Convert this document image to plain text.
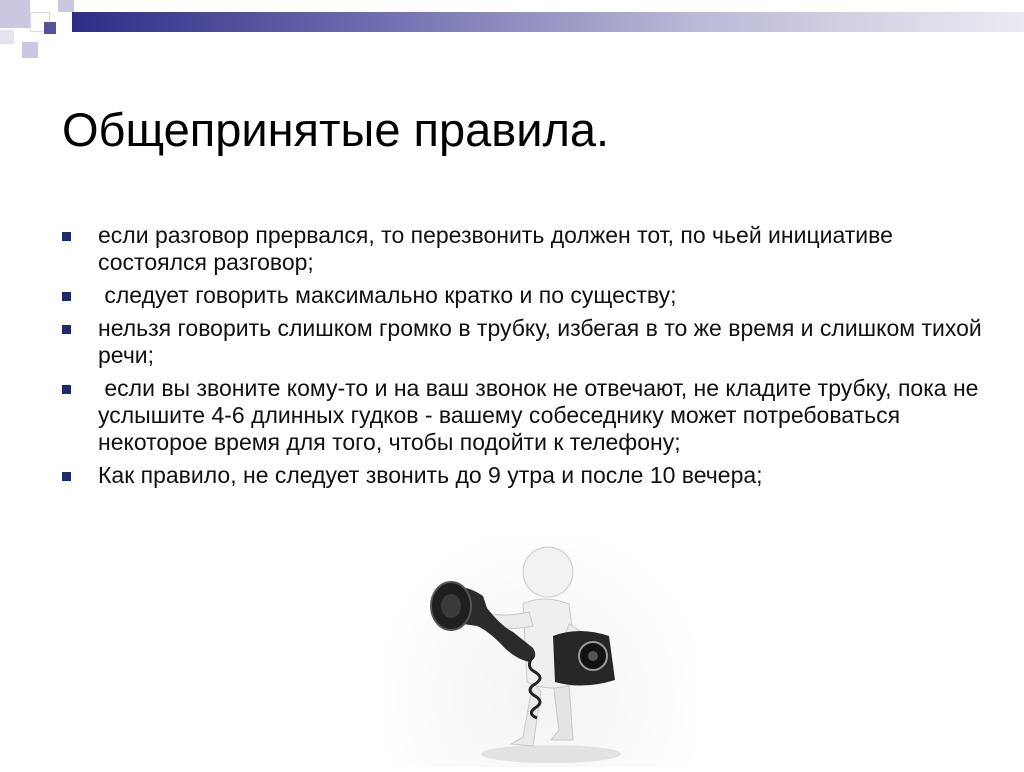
Общепринятые правила.
если разговор прервался, то перезвонить должен тот, по чьей инициативе состоялся разговор;
следует говорить максимально кратко и по существу;
нельзя говорить слишком громко в трубку, избегая в то же время и слишком тихой речи;
если вы звоните кому-то и на ваш звонок не отвечают, не кладите трубку, пока не услышите 4-6 длинных гудков - вашему собеседнику может потребоваться некоторое время для того, чтобы подойти к телефону;
Как правило, не следует звонить до 9 утра и после 10 вечера;
